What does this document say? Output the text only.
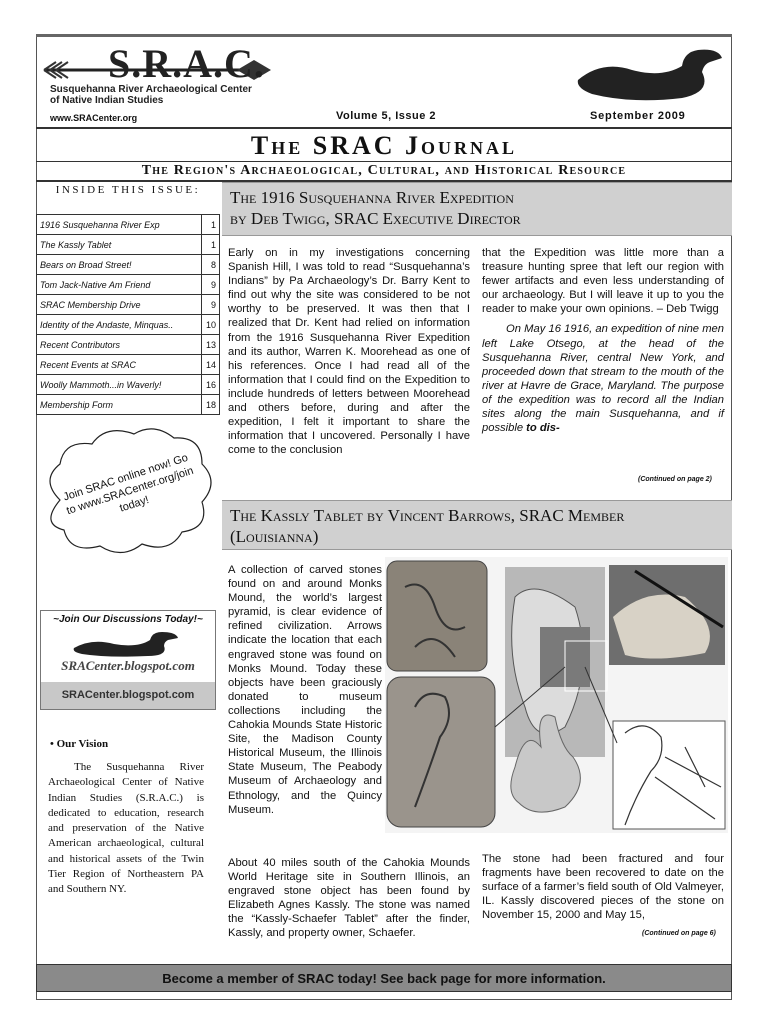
S.R.A.C.
Susquehanna River Archaeological Center
of Native Indian Studies
www.SRACenter.org	Volume 5, Issue 2	September 2009
The SRAC Journal
The Region's Archaeological, Cultural, and Historical Resource
INSIDE THIS ISSUE:
1916 Susquehanna River Exp	1
The Kassly Tablet	1
Bears on Broad Street!	8
Tom Jack-Native Am Friend	9
SRAC Membership Drive	9
Identity of the Andaste, Minquas..	10
Recent Contributors	13
Recent Events at SRAC	14
Woolly Mammoth...in Waverly!	16
Membership Form	18
Join SRAC online now! Go to www.SRACenter.org/join today!
~Join Our Discussions Today!~
SRACenter.blogspot.com
SRACenter.blogspot.com
• Our Vision
The Susquehanna River Archaeological Center of Native Indian Studies (S.R.A.C.) is dedicated to education, research and preservation of the Native American archaeological, cultural and historical assets of the Twin Tier Region of Northeastern PA and Southern NY.
The 1916 Susquehanna River Expedition
by Deb Twigg, SRAC Executive Director
Early on in my investigations concerning Spanish Hill, I was told to read “Susquehanna’s Indians” by Pa Archaeology’s Dr. Barry Kent to find out why the site was considered to be not worthy to be preserved. It was then that I realized that Dr. Kent had relied on information from the 1916 Susquehanna River Expedition and its author, Warren K. Moorehead as one of his references. Once I had read all of the information that I could find on the Expedition to include hundreds of letters between Moorehead and others before, during and after the expedition, I felt it important to share the information that I uncovered. Personally I have come to the conclusion
that the Expedition was little more than a treasure hunting spree that left our region with fewer artifacts and even less understanding of our archaeology. But I will leave it up to you the reader to make your own opinions. – Deb Twigg
On May 16 1916, an expedition of nine men left Lake Otsego, at the head of the Susquehanna River, central New York, and proceeded down that stream to the mouth of the river at Havre de Grace, Maryland. The purpose of the expedition was to record all the Indian sites along the main Susquehanna, and if possible to dis-
(Continued on page 2)
The Kassly Tablet by Vincent Barrows, SRAC Member
(Louisianna)
A collection of carved stones found on and around Monks Mound, the world’s largest pyramid, is clear evidence of refined civilization. Arrows indicate the location that each engraved stone was found on Monks Mound. Today these objects have been graciously donated to museum collections including the Cahokia Mounds State Historic Site, the Madison County Historical Museum, the Illinois State Museum, The Peabody Museum of Archaeology and Ethnology, and the Quincy Museum.
About 40 miles south of the Cahokia Mounds World Heritage site in Southern Illinois, an engraved stone object has been found by Elizabeth Agnes Kassly. The stone was named the “Kassly-Schaefer Tablet” after the finder, Kassly, and property owner, Schaefer.
The stone had been fractured and four fragments have been recovered to date on the surface of a farmer’s field south of Old Valmeyer, IL. Kassly discovered pieces of the stone on November 15, 2000 and May 15,
(Continued on page 6)
Become a member of SRAC today! See back page for more information.
